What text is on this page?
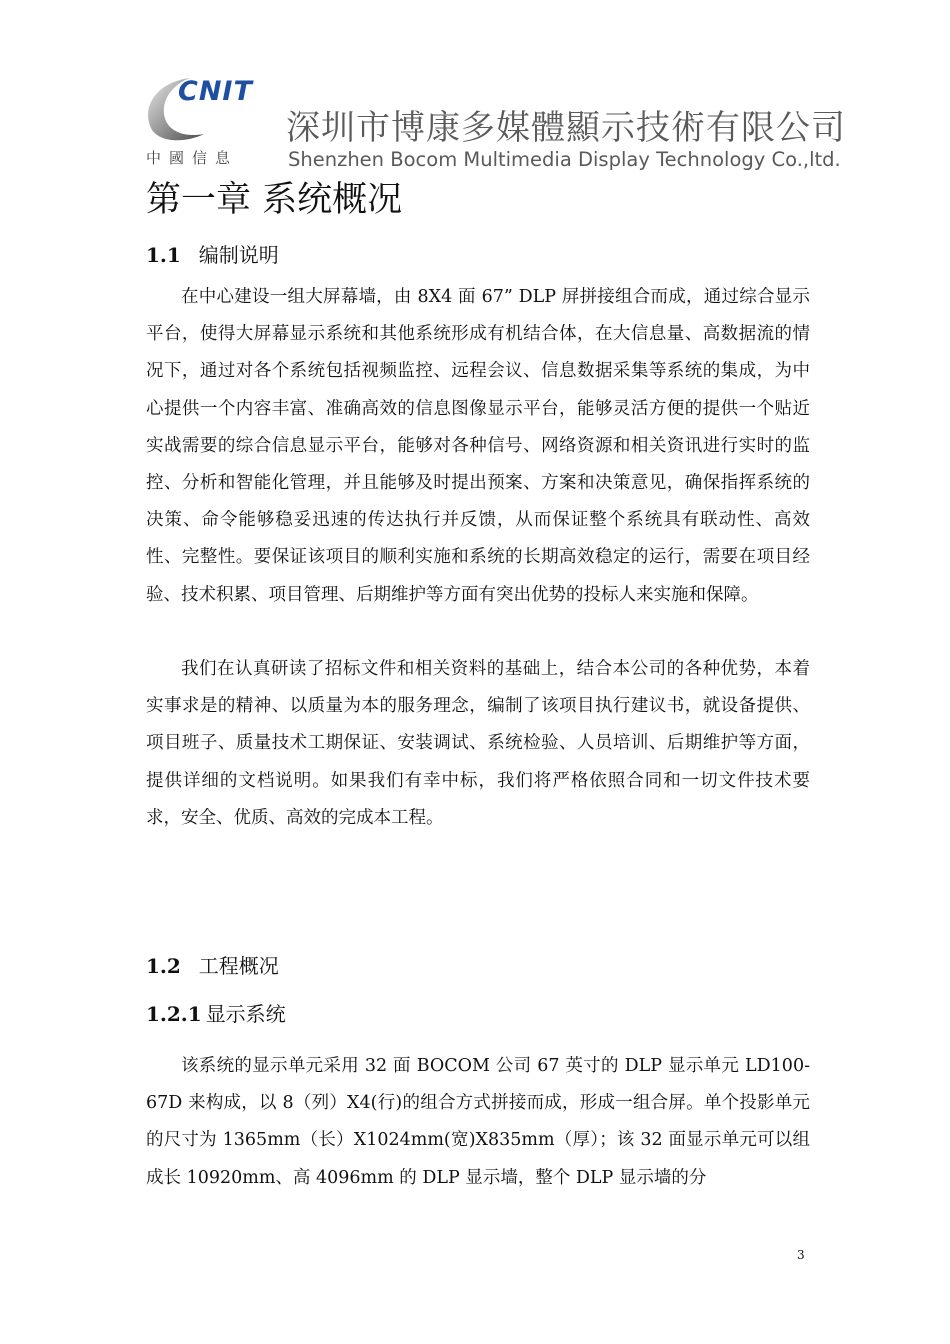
CNIT
中國信息
深圳市博康多媒體顯示技術有限公司
Shenzhen Bocom Multimedia Display Technology Co.,ltd.
第一章 系统概况
1.1 编制说明

在中心建设一组大屏幕墙，由 8X4 面 67” DLP 屏拼接组合而成，通过综合显示平台，使得大屏幕显示系统和其他系统形成有机结合体，在大信息量、高数据流的情况下，通过对各个系统包括视频监控、远程会议、信息数据采集等系统的集成，为中心提供一个内容丰富、准确高效的信息图像显示平台，能够灵活方便的提供一个贴近实战需要的综合信息显示平台，能够对各种信号、网络资源和相关资讯进行实时的监控、分析和智能化管理，并且能够及时提出预案、方案和决策意见，确保指挥系统的决策、命令能够稳妥迅速的传达执行并反馈，从而保证整个系统具有联动性、高效性、完整性。要保证该项目的顺利实施和系统的长期高效稳定的运行，需要在项目经验、技术积累、项目管理、后期维护等方面有突出优势的投标人来实施和保障。

我们在认真研读了招标文件和相关资料的基础上，结合本公司的各种优势，本着实事求是的精神、以质量为本的服务理念，编制了该项目执行建议书，就设备提供、项目班子、质量技术工期保证、安装调试、系统检验、人员培训、后期维护等方面，提供详细的文档说明。如果我们有幸中标，我们将严格依照合同和一切文件技术要求，安全、优质、高效的完成本工程。

1.2 工程概况
1.2.1 显示系统

该系统的显示单元采用 32 面 BOCOM 公司 67 英寸的 DLP 显示单元 LD100-67D 来构成，以 8（列）X4(行)的组合方式拼接而成，形成一组合屏。单个投影单元的尺寸为 1365mm（长）X1024mm(宽)X835mm（厚）；该 32 面显示单元可以组成长 10920mm、高 4096mm 的 DLP 显示墙，整个 DLP 显示墙的分

3
